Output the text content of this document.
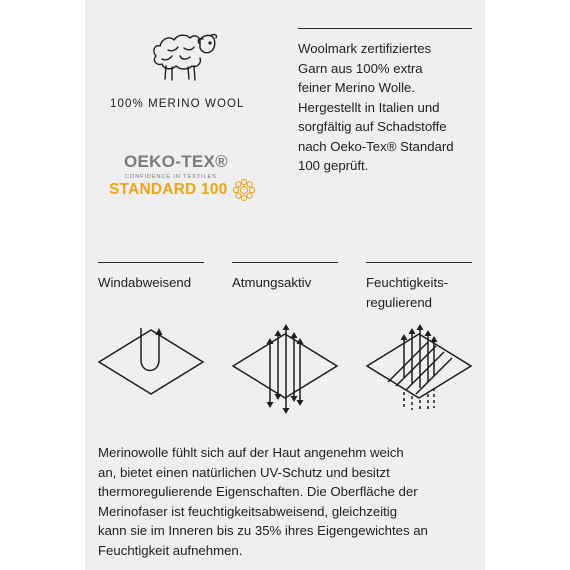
100% MERINO WOOL
OEKO-TEX®
CONFIDENCE IN TEXTILES
STANDARD 100

Woolmark zertifiziertes

Garn aus 100% extra

feiner Merino Wolle.

Hergestellt in Italien und

sorgfältig auf Schadstoffe

nach Oeko-Tex® Standard

100 geprüft.

Windabweisend	Atmungsaktiv	Feuchtigkeits-

regulierend

Merinowolle fühlt sich auf der Haut angenehm weich

an, bietet einen natürlichen UV-Schutz und besitzt

thermoregulierende Eigenschaften. Die Oberfläche der

Merinofaser ist feuchtigkeitsabweisend, gleichzeitig

kann sie im Inneren bis zu 35% ihres Eigengewichtes an

Feuchtigkeit aufnehmen.
